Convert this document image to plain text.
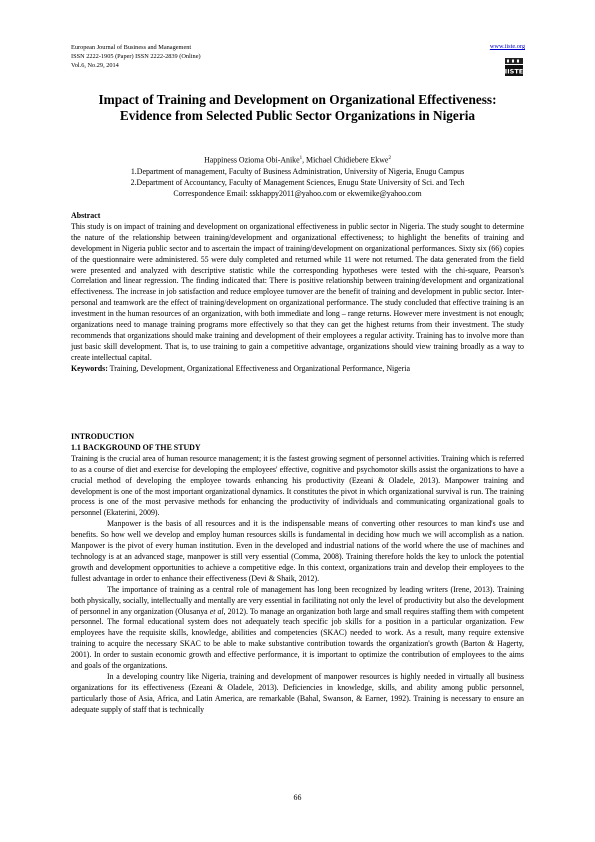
European Journal of Business and Management
ISSN 2222-1905 (Paper) ISSN 2222-2839 (Online)
Vol.6, No.29, 2014
www.iiste.org
IISTE
Impact of Training and Development on Organizational Effectiveness: Evidence from Selected Public Sector Organizations in Nigeria
Happiness Ozioma Obi-Anike$^1$, Michael Chidiebere Ekwe$^2$
1.Department of management, Faculty of Business Administration, University of Nigeria, Enugu Campus
2.Department of Accountancy, Faculty of Management Sciences, Enugu State University of Sci. and Tech
Correspondence Email: sskhappy2011@yahoo.com or ekwemike@yahoo.com

Abstract

This study is on impact of training and development on organizational effectiveness in public sector in Nigeria. The study sought to determine the nature of the relationship between training/development and organizational effectiveness; to highlight the benefits of training and development in Nigeria public sector and to ascertain the impact of training/development on organizational performances. Sixty six (66) copies of the questionnaire were administered. 55 were duly completed and returned while 11 were not returned. The data generated from the field were presented and analyzed with descriptive statistic while the corresponding hypotheses were tested with the chi-square, Pearson's Correlation and linear regression. The finding indicated that: There is positive relationship between training/development and organizational effectiveness. The increase in job satisfaction and reduce employee turnover are the benefit of training and development in public sector. Inter-personal and teamwork are the effect of training/development on organizational performance. The study concluded that effective training is an investment in the human resources of an organization, with both immediate and long – range returns. However mere investment is not enough; organizations need to manage training programs more effectively so that they can get the highest returns from their investment. The study recommends that organizations should make training and development of their employees a regular activity. Training has to involve more than just basic skill development. That is, to use training to gain a competitive advantage, organizations should view training broadly as a way to create intellectual capital.

Keywords: Training, Development, Organizational Effectiveness and Organizational Performance, Nigeria

INTRODUCTION

1.1 BACKGROUND OF THE STUDY

Training is the crucial area of human resource management; it is the fastest growing segment of personnel activities. Training which is referred to as a course of diet and exercise for developing the employees' effective, cognitive and psychomotor skills assist the organizations to have a crucial method of developing the employee towards enhancing his productivity (Ezeani & Oladele, 2013). Manpower training and development is one of the most important organizational dynamics. It constitutes the pivot in which organizational survival is run. The training process is one of the most pervasive methods for enhancing the productivity of individuals and communicating organizational goals to personnel (Ekaterini, 2009).

Manpower is the basis of all resources and it is the indispensable means of converting other resources to man kind's use and benefits. So how well we develop and employ human resources skills is fundamental in deciding how much we will accomplish as a nation. Manpower is the pivot of every human institution. Even in the developed and industrial nations of the world where the use of machines and technology is at an advanced stage, manpower is still very essential (Comma, 2008). Training therefore holds the key to unlock the potential growth and development opportunities to achieve a competitive edge. In this context, organizations train and develop their employees to the fullest advantage in order to enhance their effectiveness (Devi & Shaik, 2012).

The importance of training as a central role of management has long been recognized by leading writers (Irene, 2013). Training both physically, socially, intellectually and mentally are very essential in facilitating not only the level of productivity but also the development of personnel in any organization (Olusanya et al, 2012). To manage an organization both large and small requires staffing them with competent personnel. The formal educational system does not adequately teach specific job skills for a position in a particular organization. Few employees have the requisite skills, knowledge, abilities and competencies (SKAC) needed to work. As a result, many require extensive training to acquire the necessary SKAC to be able to make substantive contribution towards the organization's growth (Barton & Hagerty, 2001). In order to sustain economic growth and effective performance, it is important to optimize the contribution of employees to the aims and goals of the organizations.

In a developing country like Nigeria, training and development of manpower resources is highly needed in virtually all business organizations for its effectiveness (Ezeani & Oladele, 2013). Deficiencies in knowledge, skills, and ability among public personnel, particularly those of Asia, Africa, and Latin America, are remarkable (Bahal, Swanson, & Earner, 1992). Training is necessary to ensure an adequate supply of staff that is technically

66
